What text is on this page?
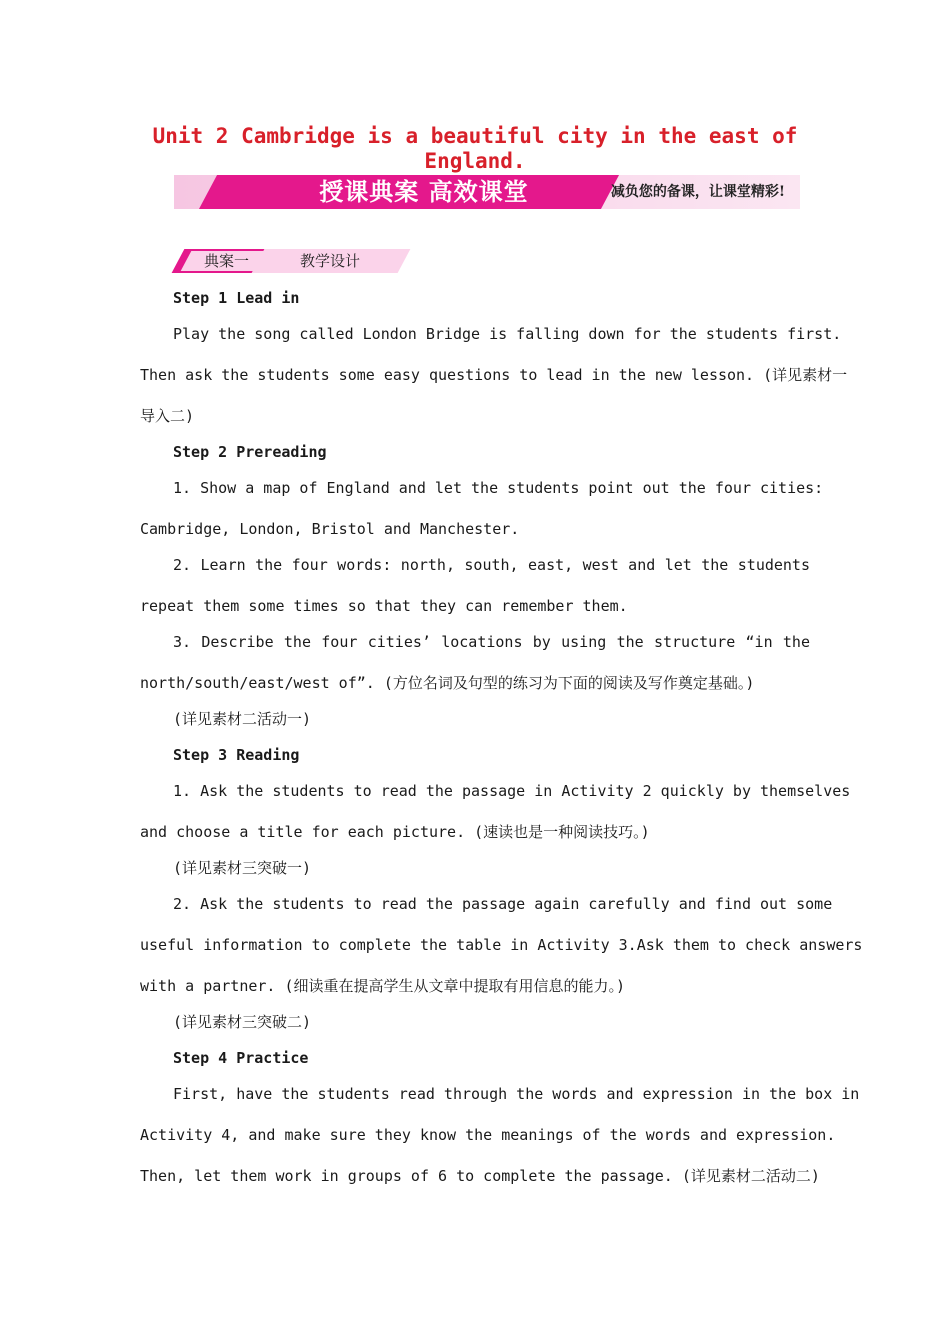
Unit 2 Cambridge is a beautiful city in the east of
England.
授课典案 高效课堂	减负您的备课，让课堂精彩!
典案一	教学设计
Step 1 Lead in
Play the song called London Bridge is falling down for the students first.
Then ask the students some easy questions to lead in the new lesson. (详见素材一
导入二)
Step 2 Prereading
1. Show a map of England and let the students point out the four cities:
Cambridge, London, Bristol and Manchester.
2. Learn the four words: north, south, east, west and let the students
repeat them some times so that they can remember them.
3. Describe the four cities’ locations by using the structure “in the
north/south/east/west of”. (方位名词及句型的练习为下面的阅读及写作奠定基础。)
(详见素材二活动一)
Step 3 Reading
1. Ask the students to read the passage in Activity 2 quickly by themselves
and choose a title for each picture. (速读也是一种阅读技巧。)
(详见素材三突破一)
2. Ask the students to read the passage again carefully and find out some
useful information to complete the table in Activity 3.Ask them to check answers
with a partner. (细读重在提高学生从文章中提取有用信息的能力。)
(详见素材三突破二)
Step 4 Practice
First, have the students read through the words and expression in the box in
Activity 4, and make sure they know the meanings of the words and expression.
Then, let them work in groups of 6 to complete the passage. (详见素材二活动二)
